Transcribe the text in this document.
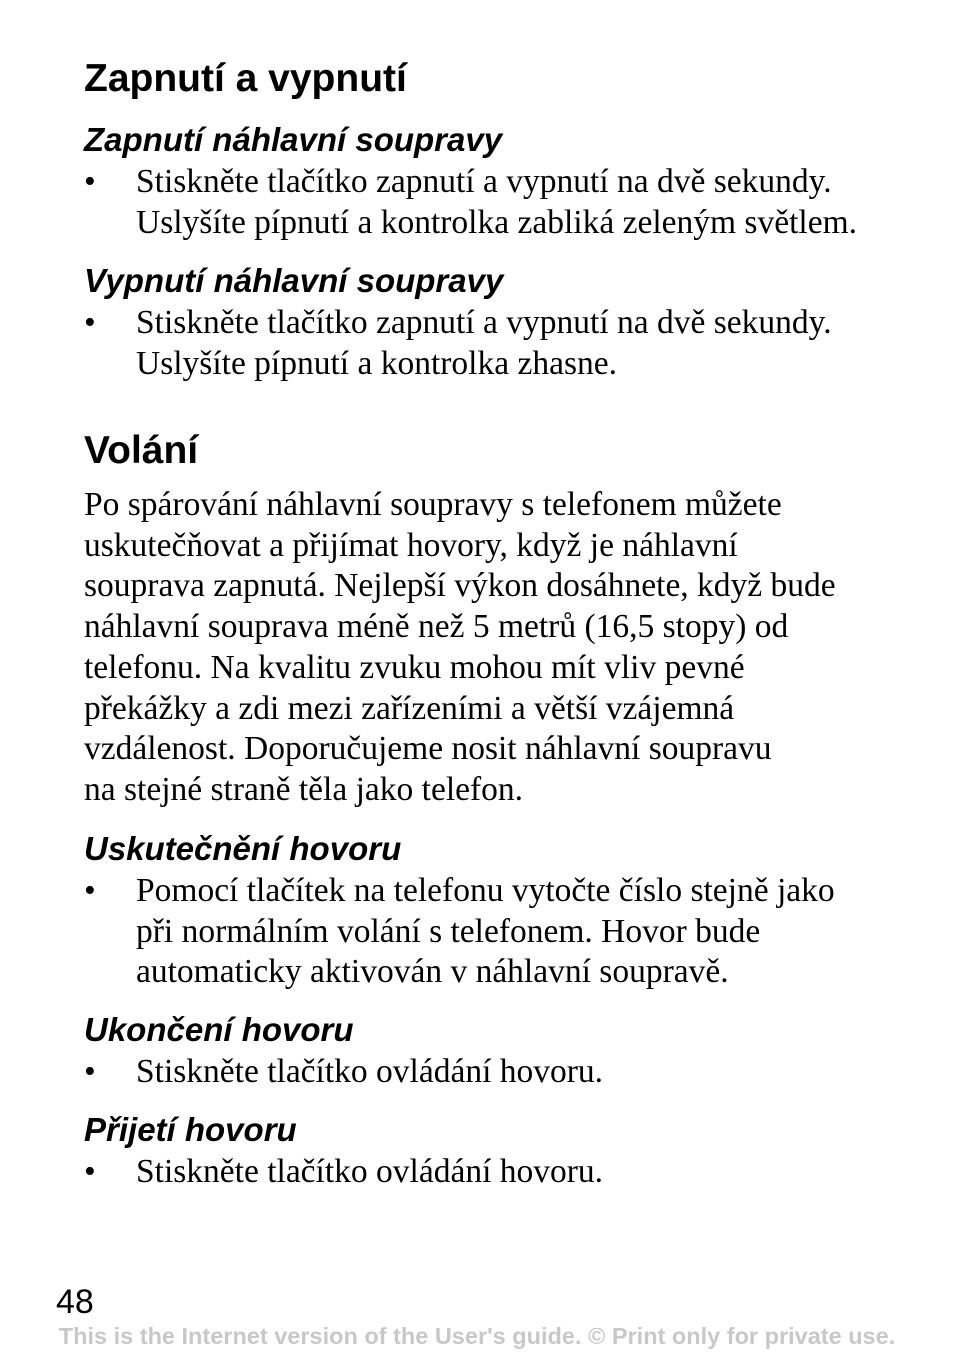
Zapnutí a vypnutí
Zapnutí náhlavní soupravy
• Stiskněte tlačítko zapnutí a vypnutí na dvě sekundy.
Uslyšíte pípnutí a kontrolka zabliká zeleným světlem.
Vypnutí náhlavní soupravy
• Stiskněte tlačítko zapnutí a vypnutí na dvě sekundy.
Uslyšíte pípnutí a kontrolka zhasne.
Volání

Po spárování náhlavní soupravy s telefonem můžete

uskutečňovat a přijímat hovory, když je náhlavní

souprava zapnutá. Nejlepší výkon dosáhnete, když bude

náhlavní souprava méně než 5 metrů (16,5 stopy) od

telefonu. Na kvalitu zvuku mohou mít vliv pevné

překážky a zdi mezi zařízeními a větší vzájemná

vzdálenost. Doporučujeme nosit náhlavní soupravu

na stejné straně těla jako telefon.

Uskutečnění hovoru
• Pomocí tlačítek na telefonu vytočte číslo stejně jako
při normálním volání s telefonem. Hovor bude
automaticky aktivován v náhlavní soupravě.
Ukončení hovoru
• Stiskněte tlačítko ovládání hovoru.
Přijetí hovoru
• Stiskněte tlačítko ovládání hovoru.
48
This is the Internet version of the User's guide. © Print only for private use.
